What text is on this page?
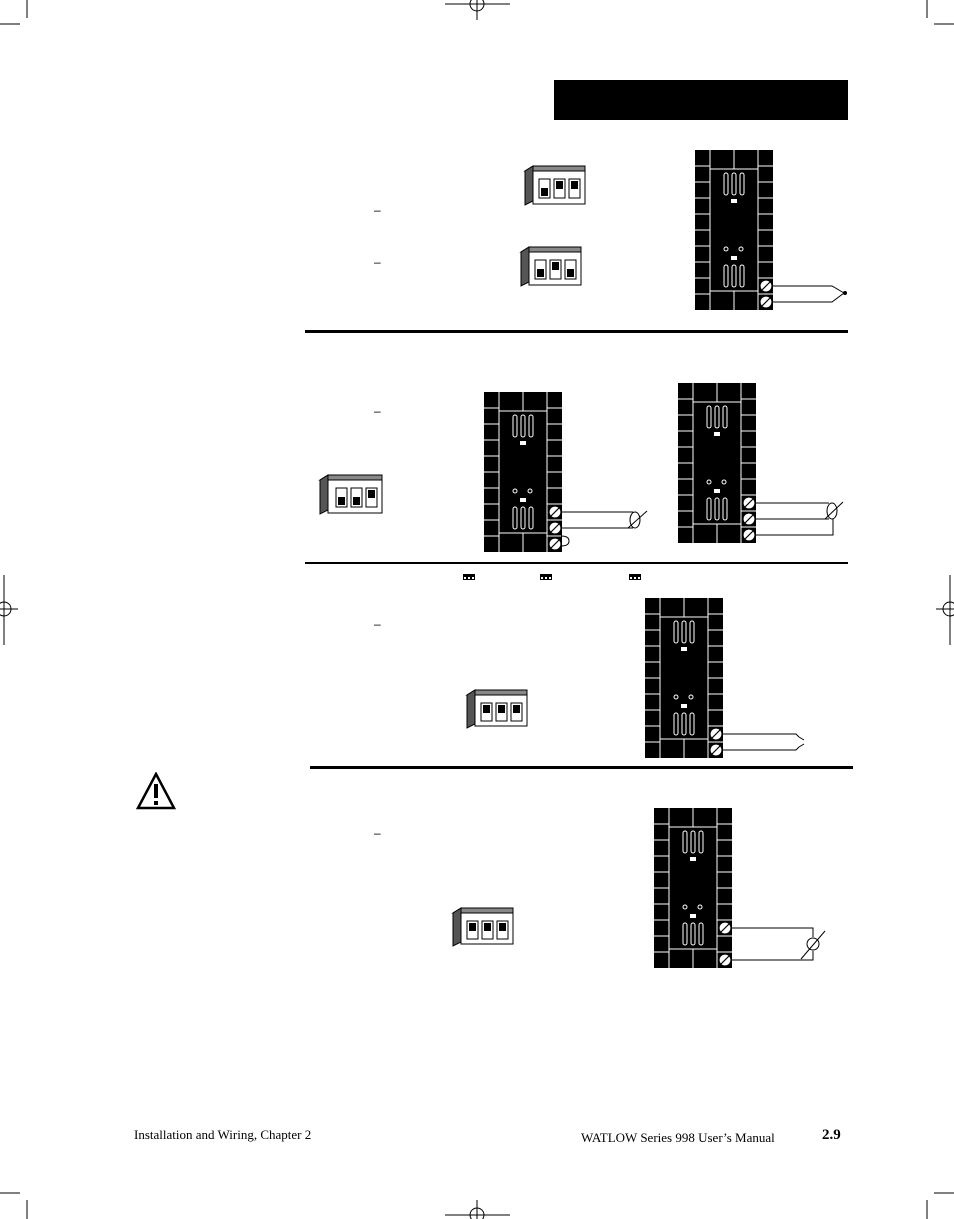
–
–
–
–
–
Installation and Wiring, Chapter 2	WATLOW Series 998 User’s Manual	2.9
